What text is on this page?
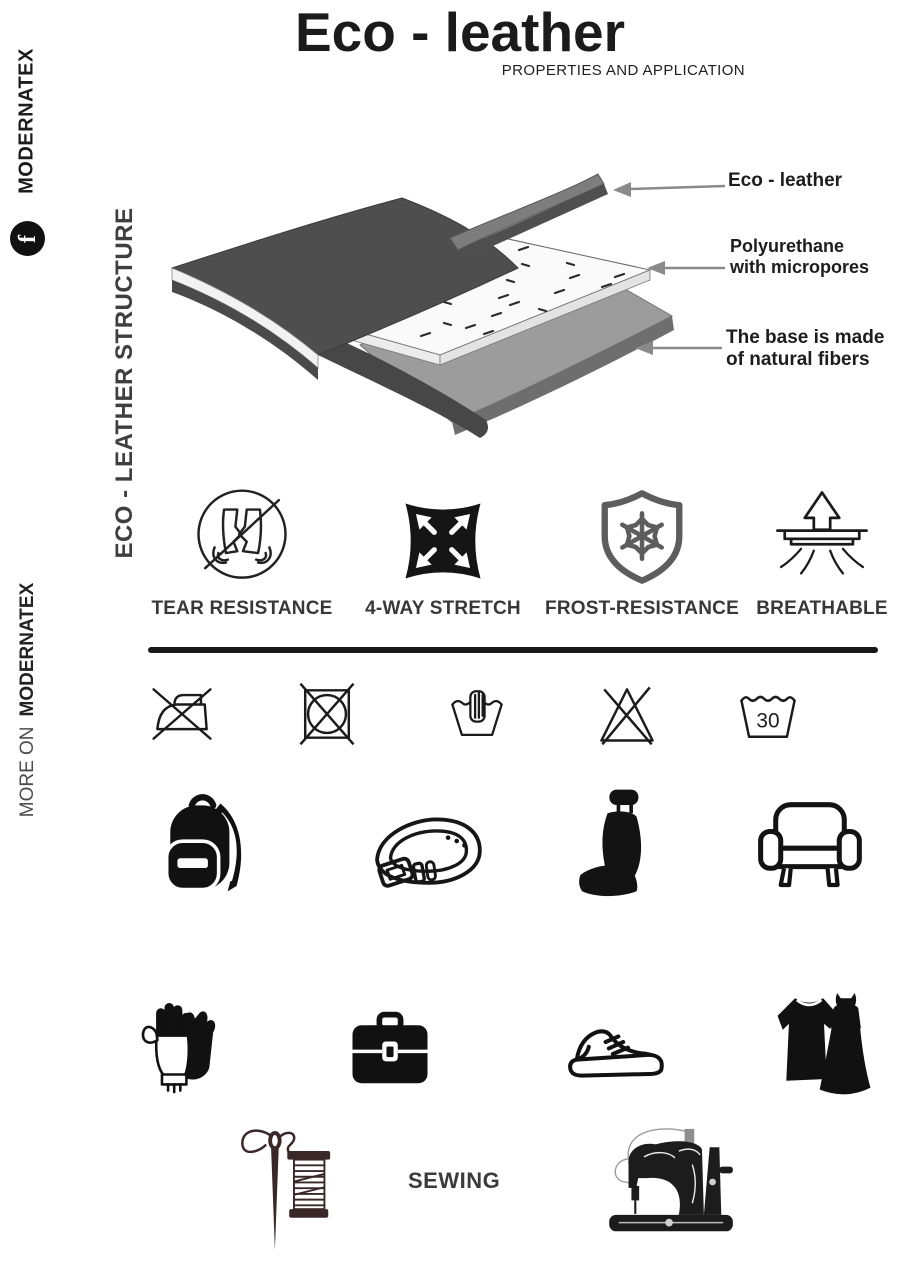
Eco - leather
PROPERTIES AND APPLICATION
MODERNATEX
f	ECO - LEATHER STRUCTURE
MORE ONMODERNATEX
Eco - leather
Polyurethane
with micropores
The base is made
of natural fibers
TEAR RESISTANCE 4-WAY STRETCH FROST-RESISTANCE BREATHABLE
30
SEWING
